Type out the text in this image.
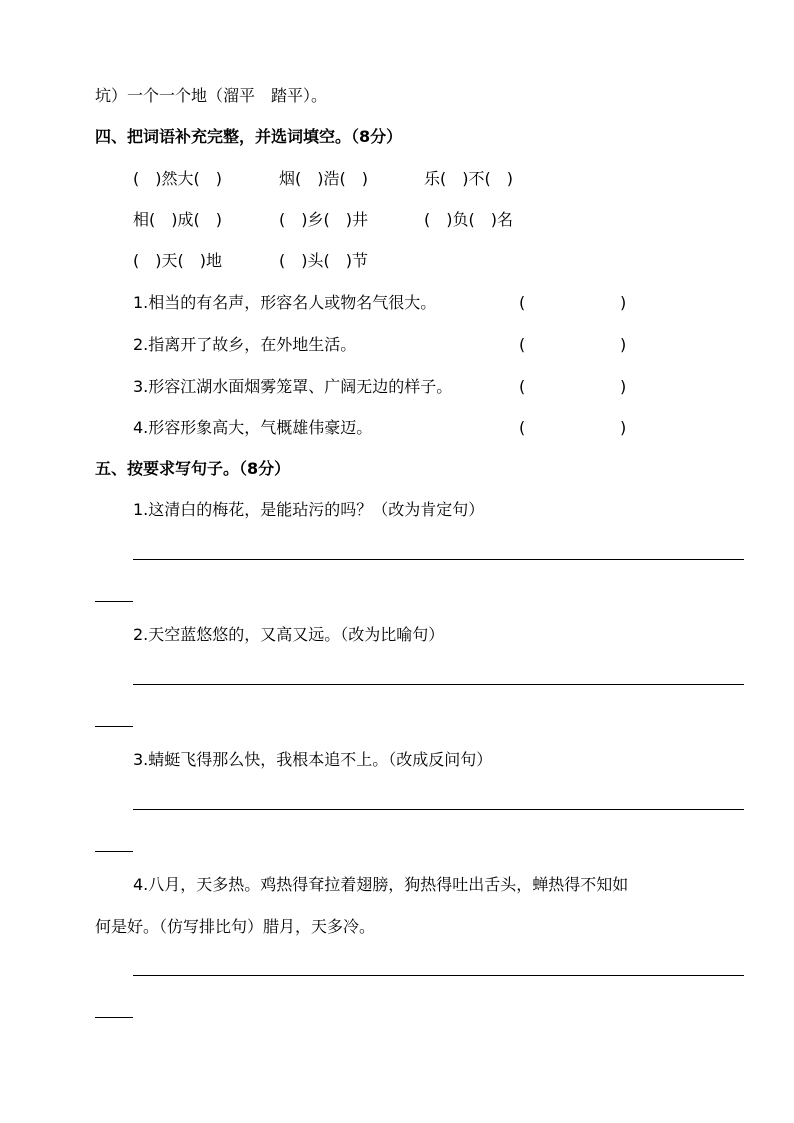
坑）一个一个地（溜平　踏平）。
四、把词语补充完整，并选词填空。（8分）
(　)然大(　)	烟(　)浩(　)	乐(　)不(　)
相(　)成(　)	(　)乡(　)井	(　)负(　)名
(　)天(　)地	(　)头(　)节
1.相当的有名声，形容名人或物名气很大。	(	)
2.指离开了故乡，在外地生活。	(	)
3.形容江湖水面烟雾笼罩、广阔无边的样子。	(	)
4.形容形象高大，气概雄伟豪迈。	(	)
五、按要求写句子。（8分）
1.这清白的梅花，是能玷污的吗？（改为肯定句）
2.天空蓝悠悠的，又高又远。（改为比喻句）
3.蜻蜓飞得那么快，我根本追不上。（改成反问句）
4.八月，天多热。鸡热得耷拉着翅膀，狗热得吐出舌头，蝉热得不知如
何是好。（仿写排比句）腊月，天多冷。
